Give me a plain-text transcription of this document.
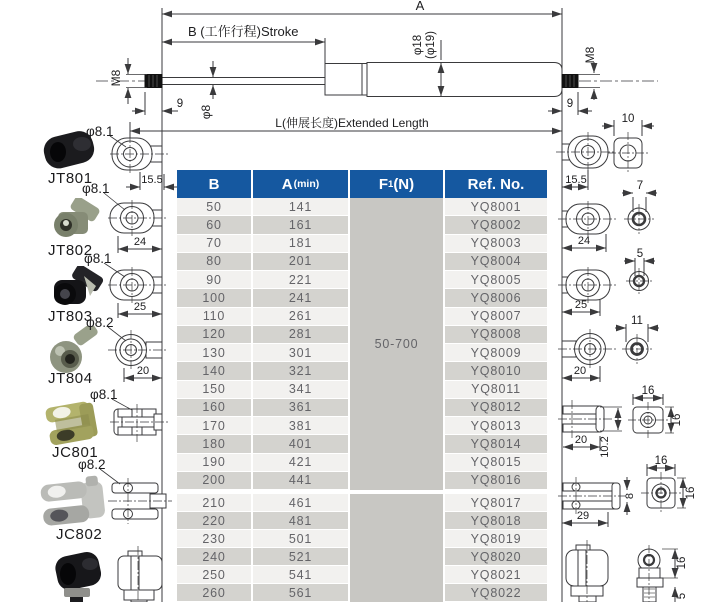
A
B (工作行程)Stroke
M8
M8
φ8
φ18 (φ19)
9	9
L(伸展长度)Extended Length
15.5
24
25
20
15.5
24
25
20
20 10.2
29
8
10
7
5
11
16
16
16
16
16
5
JT801
φ8.1
JT802
φ8.1
JT803
φ8.1
JT804
φ8.2
JC801
φ8.1
JC802
φ8.2
B	A (min)	F 1 (N)	Ref. No.
50-700
50	141	YQ8001
60	161	YQ8002
70	181	YQ8003
80	201	YQ8004
90	221	YQ8005
100	241	YQ8006
110	261	YQ8007
120	281	YQ8008
130	301	YQ8009
140	321	YQ8010
150	341	YQ8011
160	361	YQ8012
170	381	YQ8013
180	401	YQ8014
190	421	YQ8015
200	441	YQ8016
210	461	YQ8017
220	481	YQ8018
230	501	YQ8019
240	521	YQ8020
250	541	YQ8021
260	561	YQ8022
